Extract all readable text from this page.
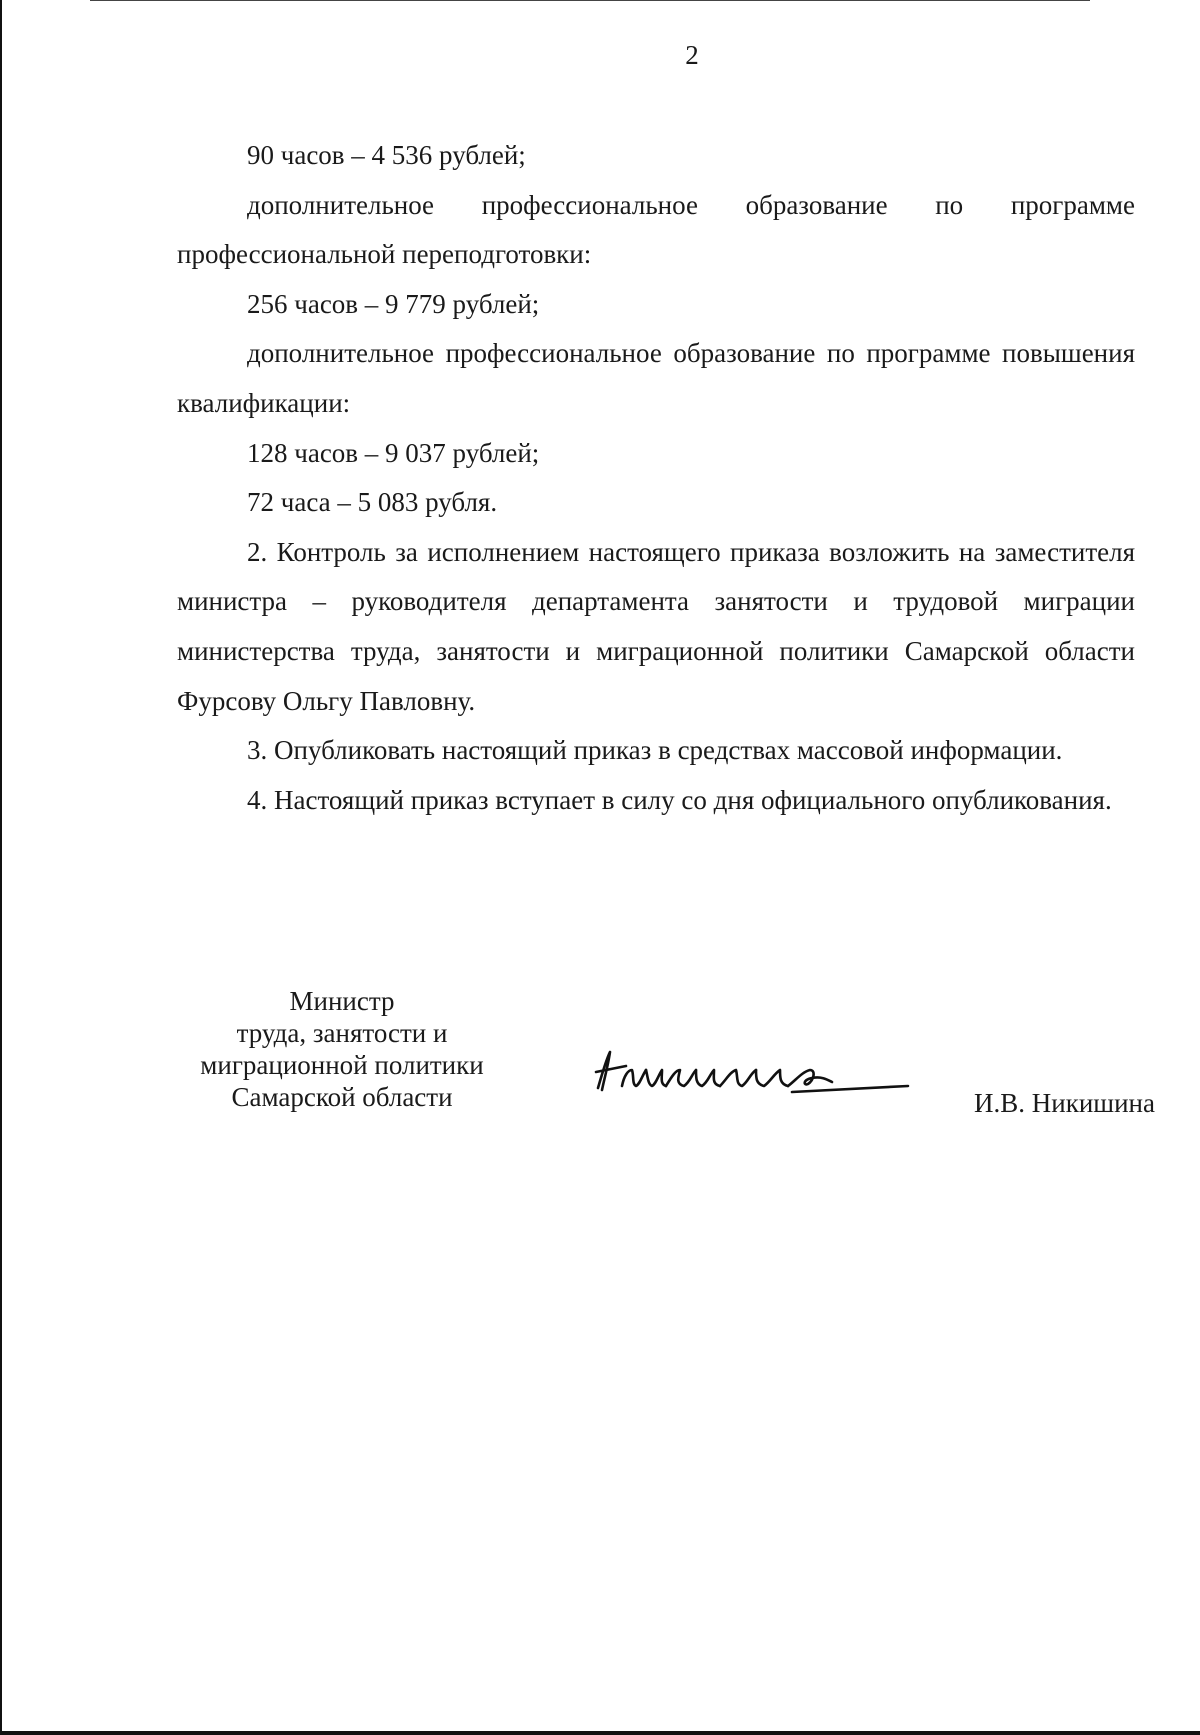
2

90 часов – 4 536 рублей;

дополнительное профессиональное образование по программе профессиональной переподготовки:

256 часов – 9 779 рублей;

дополнительное профессиональное образование по программе повышения квалификации:

128 часов – 9 037 рублей;

72 часа – 5 083 рубля.

2. Контроль за исполнением настоящего приказа возложить на заместителя министра – руководителя департамента занятости и трудовой миграции министерства труда, занятости и миграционной политики Самарской области Фурсову Ольгу Павловну.

3. Опубликовать настоящий приказ в средствах массовой информации.

4. Настоящий приказ вступает в силу со дня официального опубликования.

Министр
труда, занятости и
миграционной политики
Самарской области	И.В. Никишина
